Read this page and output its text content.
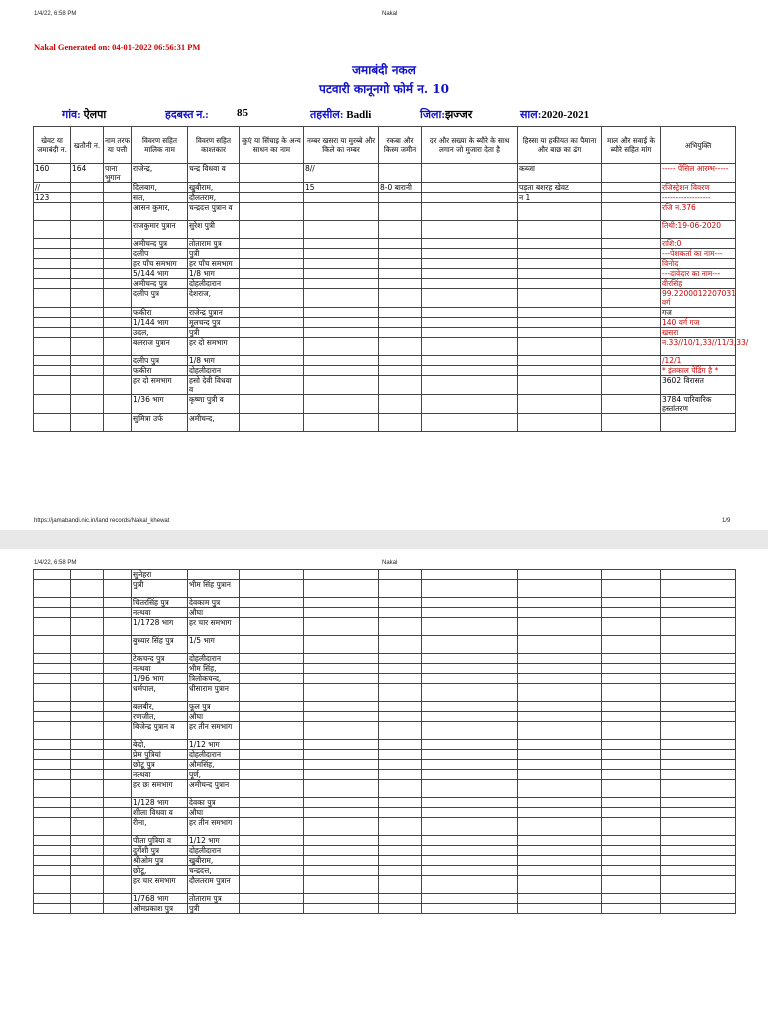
1/4/22, 6:58 PM	Nakal
Nakal Generated on: 04-01-2022 06:56:31 PM
जमाबंदी नकल
पटवारी कानूनगो फोर्म न. 10
गांव: ऐलपा	हदबस्त न.:	85	तहसील: Badli	जिला:झज्जर	साल:2020-2021
खेवट या जमाबंदी न.	खतौनी न.	नाम तरफ या पत्ती	विवरण सहित मालिक नाम	विवरण सहित काश्तकार	कुएं या सिंचाइ के अन्य साधन का नाम	नम्बर खसरा या मुरब्बे और किले का नम्बर	रकबा और किस्म जमीन	दर और सख्या के ब्यौरे के साथ लगान जो मुजारा देता है	हिस्सा या हकीयत का पैमाना और बाछ का ढंग	माल और सवाई के ब्यौरे सहित मांग	अभियुक्ति
160	164	पाना भुगान	राजेन्द्र,	चन्द्र विधवा व		8//			कब्जा		----- पेंसिल आरम्भ-----
//			दिलबाग,	खुबीराम,		15	8-0 बारानी		पड़ता बशरह खेवट		रजिस्ट्रेशन विवरण
123			सत,	दौलतराम,					न 1		------------------
			आसन कुमार,	चन्द्रदत्त पुत्रान व							रजि न.376
			राजकुमार पुत्रान	सुरेश पुत्री							तिथी:19-06-2020
			अमीचन्द पुत्र	तोताराम पुत्र							राशि:0
			दलीप	पुत्री							---पेशकर्ता का नाम---
			हर पाँच समभाग	हर पाँच समभाग							विनोद
			5/144 भाग	1/8 भाग							---दावेदार का नाम---
			अमीचन्द पुत्र	दोहलीदारान							वीरसिंह
			दलीप पुत्र	देशराज,							99.2200012207031 वर्ग
			फकीरा	राजेन्द्र पुत्रान							गज
			1/144 भाग	मूलचन्द पुत्र							140 वर्ग गज
			उदल,	पुत्री							खसरा
			बलराज पुत्रान	हर दो समभाग							न.33//10/1,33//11/3,33/
			दलीप पुत्र	1/8 भाग							/12/1
			फकीरा	दोहलीदारान							* इंतकाल पेंडिंग है *
			हर दो समभाग	हसो देवी विधवा व							3602 विरासत
			1/36 भाग	कृष्णा पुत्री व							3784 पारिवारिक हस्तांतरण
			सुमित्रा उर्फ	अमीचन्द,							
https://jamabandi.nic.in/land records/Nakal_khewat	1/9
1/4/22, 6:58 PM	Nakal
			सुनेहरा								
			पुत्री	भीम सिंह पुत्रान							
			चितरसिंह पुत्र	देवकाम पुत्र							
			नत्थवा	औघा							
			1/1728 भाग	हर चार समभाग							
			बुध्यार सिंह पुत्र	1/5 भाग							
			टेकचन्द पुत्र	दोहलीदारान							
			नत्थवा	भीम सिंह,							
			1/96 भाग	त्रिलोकचन्द,							
			धर्मपाल,	धीसाराम पुत्रान							
			बलबीर,	फूल पुत्र							
			रणजीत,	औघा							
			बिजेन्द्र पुत्रान व	हर तीन समभाग							
			बेदो,	1/12 भाग							
			प्रेम पुत्रियां	दोहलीदारान							
			छोटू पुत्र	औमसिंह,							
			नत्थवा	पूर्ण,							
			हर छः समभाग	अमीचन्द पुत्रान							
			1/128 भाग	देवका पुत्र							
			शीला विधवा व	औघा							
			रीना,	हर तीन समभाग							
			पीता पुत्रिया व	1/12 भाग							
			दुर्गेशी पुत्र	दोहलीदारान							
			श्रीओम पुत्र	खुबीराम,							
			छोटू,	चन्द्रदत्त,							
			हर चार समभाग	दौलतराम पुत्रान							
			1/768 भाग	तोताराम पुत्र							
			ओमप्रकाश पुत्र	पुत्री							
